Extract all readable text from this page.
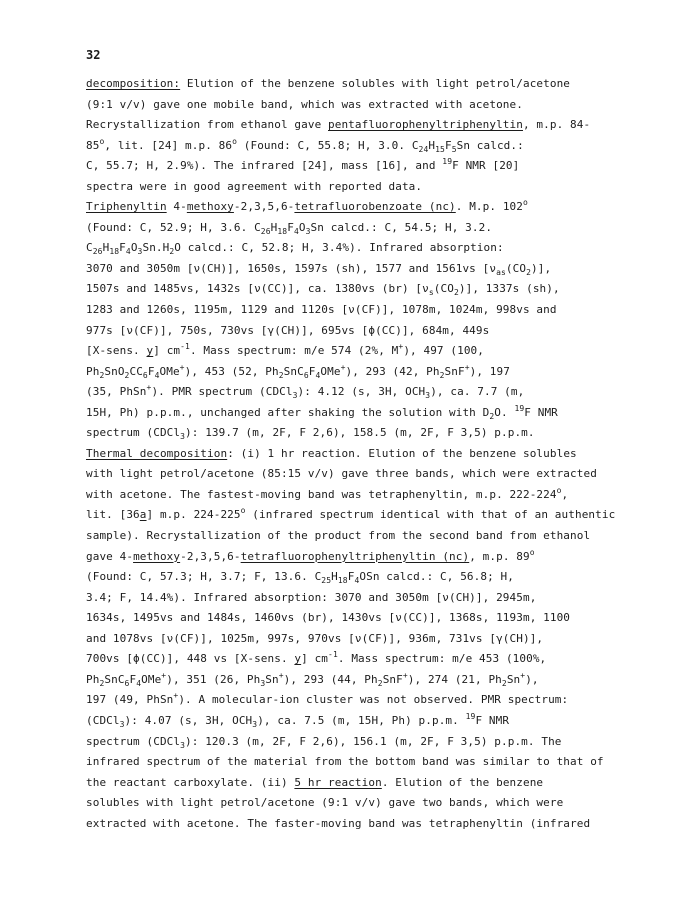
32
decomposition: Elution of the benzene solubles with light petrol/acetone
(9:1 v/v) gave one mobile band, which was extracted with acetone.
Recrystallization from ethanol gave pentafluorophenyltriphenyltin, m.p. 84-
85$^o$, lit. [24] m.p. 86$^o$ (Found: C, 55.8; H, 3.0. $C_{24}H_{15}F_5Sn$ calcd.:
C, 55.7; H, 2.9%). The infrared [24], mass [16], and $^{19}$F NMR [20]
spectra were in good agreement with reported data.
Triphenyltin 4-methoxy-2,3,5,6-tetrafluorobenzoate (nc). M.p. 102$^o$
(Found: C, 52.9; H, 3.6. $C_{26}H_{18}F_4O_3Sn$ calcd.: C, 54.5; H, 3.2.
$C_{26}H_{18}F_4O_3Sn.H_2O$ calcd.: C, 52.8; H, 3.4%). Infrared absorption:
3070 and 3050m [ν(CH)], 1650s, 1597s (sh), 1577 and 1561vs $[\nu_{as}(CO_2)]$,
1507s and 1485vs, 1432s [ν(CC)], ca. 1380vs (br) $[\nu_s(CO_2)]$, 1337s (sh),
1283 and 1260s, 1195m, 1129 and 1120s [ν(CF)], 1078m, 1024m, 998vs and
977s [ν(CF)], 750s, 730vs [γ(CH)], 695vs [ϕ(CC)], 684m, 449s
[X-sens. y] $cm^{-1}$. Mass spectrum: m/e 574 (2%, M+), 497 (100,
$Ph_2SnO_2CC_6F_4OMe^+$), 453 (52, $Ph_2SnC_6F_4OMe^+$), 293 (42, $Ph_2SnF^+$), 197
(35, PhSn+). PMR spectrum (CDCl$_3$): 4.12 (s, 3H, $OCH_3$), ca. 7.7 (m,
15H, Ph) p.p.m., unchanged after shaking the solution with $D_2O$. $^{19}$F NMR
spectrum (CDCl$_3$): 139.7 (m, 2F, F 2,6), 158.5 (m, 2F, F 3,5) p.p.m.
Thermal decomposition: (i) 1 hr reaction. Elution of the benzene solubles
with light petrol/acetone (85:15 v/v) gave three bands, which were extracted
with acetone. The fastest-moving band was tetraphenyltin, m.p. 222-224$^o$,
lit. [36a] m.p. 224-225$^o$ (infrared spectrum identical with that of an authentic
sample). Recrystallization of the product from the second band from ethanol
gave 4-methoxy-2,3,5,6-tetrafluorophenyltriphenyltin (nc), m.p. 89$^o$
(Found: C, 57.3; H, 3.7; F, 13.6. $C_{25}H_{18}F_4OSn$ calcd.: C, 56.8; H,
3.4; F, 14.4%). Infrared absorption: 3070 and 3050m [ν(CH)], 2945m,
1634s, 1495vs and 1484s, 1460vs (br), 1430vs [ν(CC)], 1368s, 1193m, 1100
and 1078vs [ν(CF)], 1025m, 997s, 970vs [ν(CF)], 936m, 731vs [γ(CH)],
700vs [ϕ(CC)], 448 vs [X-sens. y] $cm^{-1}$. Mass spectrum: m/e 453 (100%,
$Ph_2SnC_6F_4OMe^+$), 351 (26, $Ph_3Sn^+$), 293 (44, $Ph_2SnF^+$), 274 (21, $Ph_2Sn^+$),
197 (49, PhSn+). A molecular-ion cluster was not observed. PMR spectrum:
(CDCl$_3$): 4.07 (s, 3H, $OCH_3$), ca. 7.5 (m, 15H, Ph) p.p.m. $^{19}$F NMR
spectrum (CDCl$_3$): 120.3 (m, 2F, F 2,6), 156.1 (m, 2F, F 3,5) p.p.m. The
infrared spectrum of the material from the bottom band was similar to that of
the reactant carboxylate. (ii) 5 hr reaction. Elution of the benzene
solubles with light petrol/acetone (9:1 v/v) gave two bands, which were
extracted with acetone. The faster-moving band was tetraphenyltin (infrared
